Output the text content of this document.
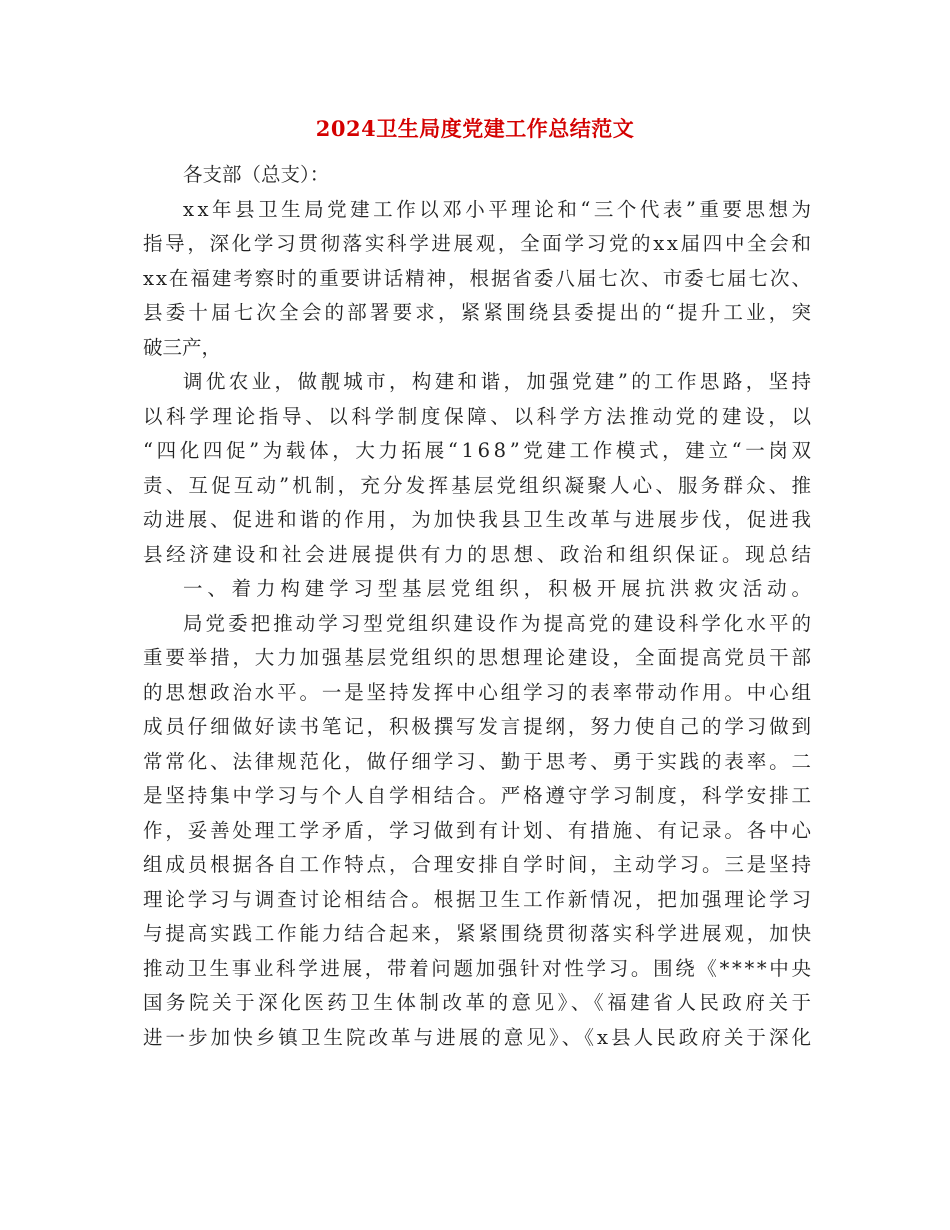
2024卫生局度党建工作总结范文
各支部（总支）：
xx年县卫生局党建工作以邓小平理论和“三个代表”重要思想为
指导，深化学习贯彻落实科学进展观，全面学习党的xx届四中全会和
xx在福建考察时的重要讲话精神，根据省委八届七次、市委七届七次、
县委十届七次全会的部署要求，紧紧围绕县委提出的“提升工业，突
破三产，
调优农业，做靓城市，构建和谐，加强党建”的工作思路，坚持
以科学理论指导、以科学制度保障、以科学方法推动党的建设，以
“四化四促”为载体，大力拓展“168”党建工作模式，建立“一岗双
责、互促互动”机制，充分发挥基层党组织凝聚人心、服务群众、推
动进展、促进和谐的作用，为加快我县卫生改革与进展步伐，促进我
县经济建设和社会进展提供有力的思想、政治和组织保证。现总结
一、着力构建学习型基层党组织，积极开展抗洪救灾活动。
局党委把推动学习型党组织建设作为提高党的建设科学化水平的
重要举措，大力加强基层党组织的思想理论建设，全面提高党员干部
的思想政治水平。一是坚持发挥中心组学习的表率带动作用。中心组
成员仔细做好读书笔记，积极撰写发言提纲，努力使自己的学习做到
常常化、法律规范化，做仔细学习、勤于思考、勇于实践的表率。二
是坚持集中学习与个人自学相结合。严格遵守学习制度，科学安排工
作，妥善处理工学矛盾，学习做到有计划、有措施、有记录。各中心
组成员根据各自工作特点，合理安排自学时间，主动学习。三是坚持
理论学习与调查讨论相结合。根据卫生工作新情况，把加强理论学习
与提高实践工作能力结合起来，紧紧围绕贯彻落实科学进展观，加快
推动卫生事业科学进展，带着问题加强针对性学习。围绕《****中央
国务院关于深化医药卫生体制改革的意见》、《福建省人民政府关于
进一步加快乡镇卫生院改革与进展的意见》、《x县人民政府关于深化
